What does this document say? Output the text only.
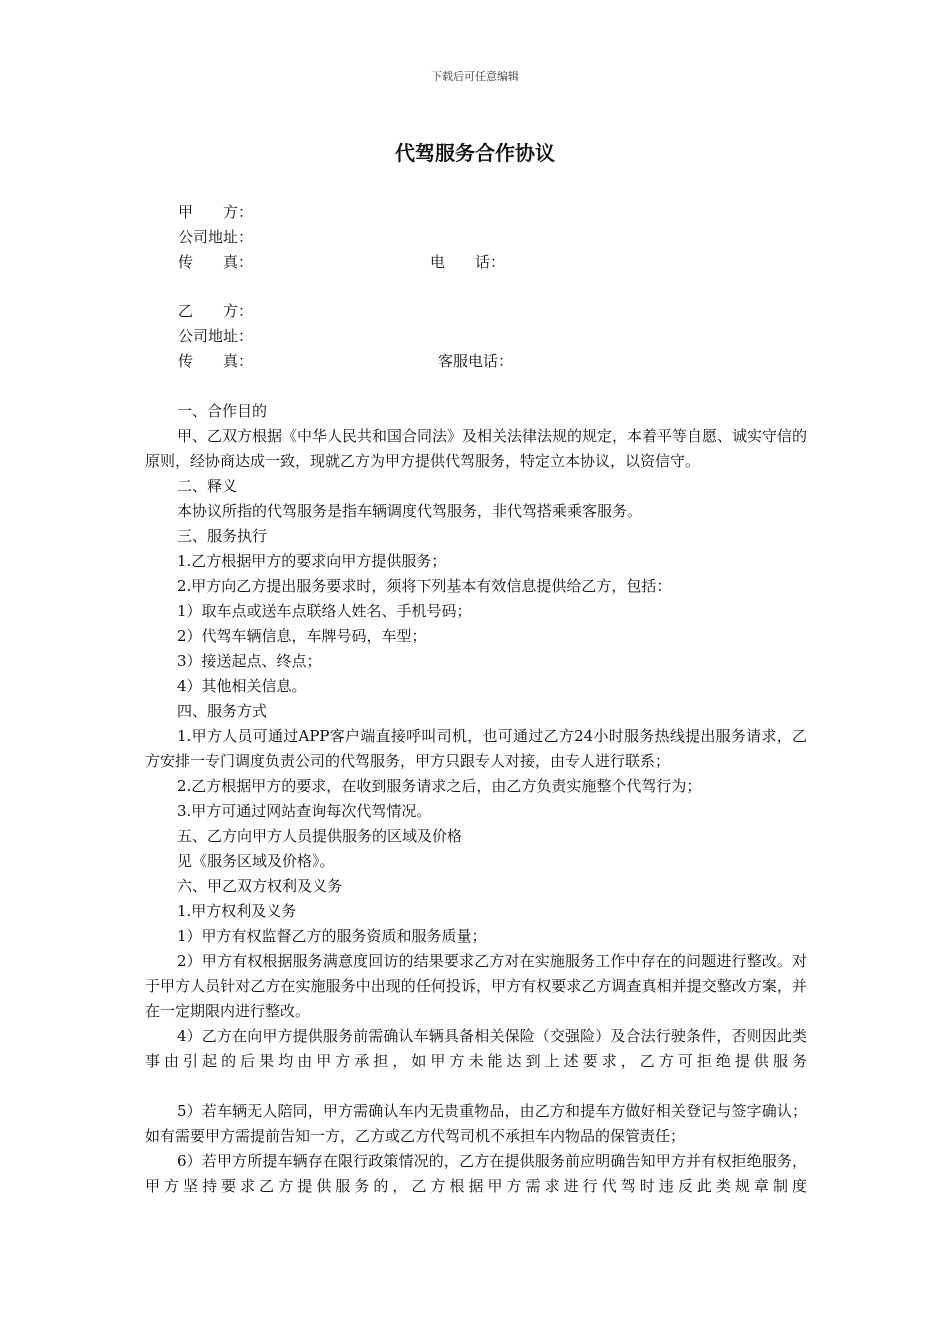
下载后可任意编辑
代驾服务合作协议
甲　　方：
公司地址：
传　　真：	电　　话：
乙　　方：
公司地址：
传　　真：	客服电话：

一、合作目的

甲、乙双方根据《中华人民共和国合同法》及相关法律法规的规定，本着平等自愿、诚实守信的原则，经协商达成一致，现就乙方为甲方提供代驾服务，特定立本协议，以资信守。

二、释义

本协议所指的代驾服务是指车辆调度代驾服务，非代驾搭乘乘客服务。

三、服务执行

1.乙方根据甲方的要求向甲方提供服务；

2.甲方向乙方提出服务要求时，须将下列基本有效信息提供给乙方，包括：

1）取车点或送车点联络人姓名、手机号码；

2）代驾车辆信息，车牌号码，车型；

3）接送起点、终点；

4）其他相关信息。

四、服务方式

1.甲方人员可通过APP客户端直接呼叫司机，也可通过乙方24小时服务热线提出服务请求，乙方安排一专门调度负责公司的代驾服务，甲方只跟专人对接，由专人进行联系；

2.乙方根据甲方的要求，在收到服务请求之后，由乙方负责实施整个代驾行为；

3.甲方可通过网站查询每次代驾情况。

五、乙方向甲方人员提供服务的区域及价格

见《服务区域及价格》。

六、甲乙双方权利及义务

1.甲方权利及义务

1）甲方有权监督乙方的服务资质和服务质量；

2）甲方有权根据服务满意度回访的结果要求乙方对在实施服务工作中存在的问题进行整改。对于甲方人员针对乙方在实施服务中出现的任何投诉，甲方有权要求乙方调查真相并提交整改方案，并在一定期限内进行整改。

4）乙方在向甲方提供服务前需确认车辆具备相关保险（交强险）及合法行驶条件，否则因此类事由引起的后果均由甲方承担，如甲方未能达到上述要求，乙方可拒绝提供服务

5）若车辆无人陪同，甲方需确认车内无贵重物品，由乙方和提车方做好相关登记与签字确认；如有需要甲方需提前告知一方，乙方或乙方代驾司机不承担车内物品的保管责任；

6）若甲方所提车辆存在限行政策情况的，乙方在提供服务前应明确告知甲方并有权拒绝服务，甲方坚持要求乙方提供服务的，乙方根据甲方需求进行代驾时违反此类规章制度
